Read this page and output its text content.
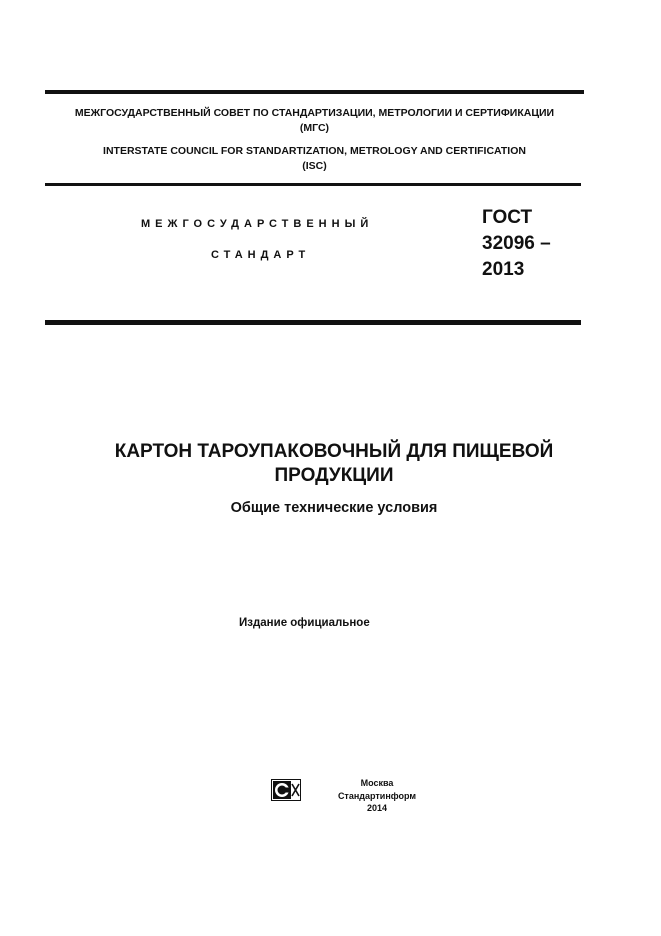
МЕЖГОСУДАРСТВЕННЫЙ СОВЕТ ПО СТАНДАРТИЗАЦИИ, МЕТРОЛОГИИ И СЕРТИФИКАЦИИ
(МГС)
INTERSTATE COUNCIL FOR STANDARTIZATION, METROLOGY AND CERTIFICATION
(ISC)
МЕЖГОСУДАРСТВЕННЫЙ
СТАНДАРТ
ГОСТ
32096 –
2013
КАРТОН ТАРОУПАКОВОЧНЫЙ ДЛЯ ПИЩЕВОЙ
ПРОДУКЦИИ
Общие технические условия
Издание официальное
Москва
Стандартинформ
2014
